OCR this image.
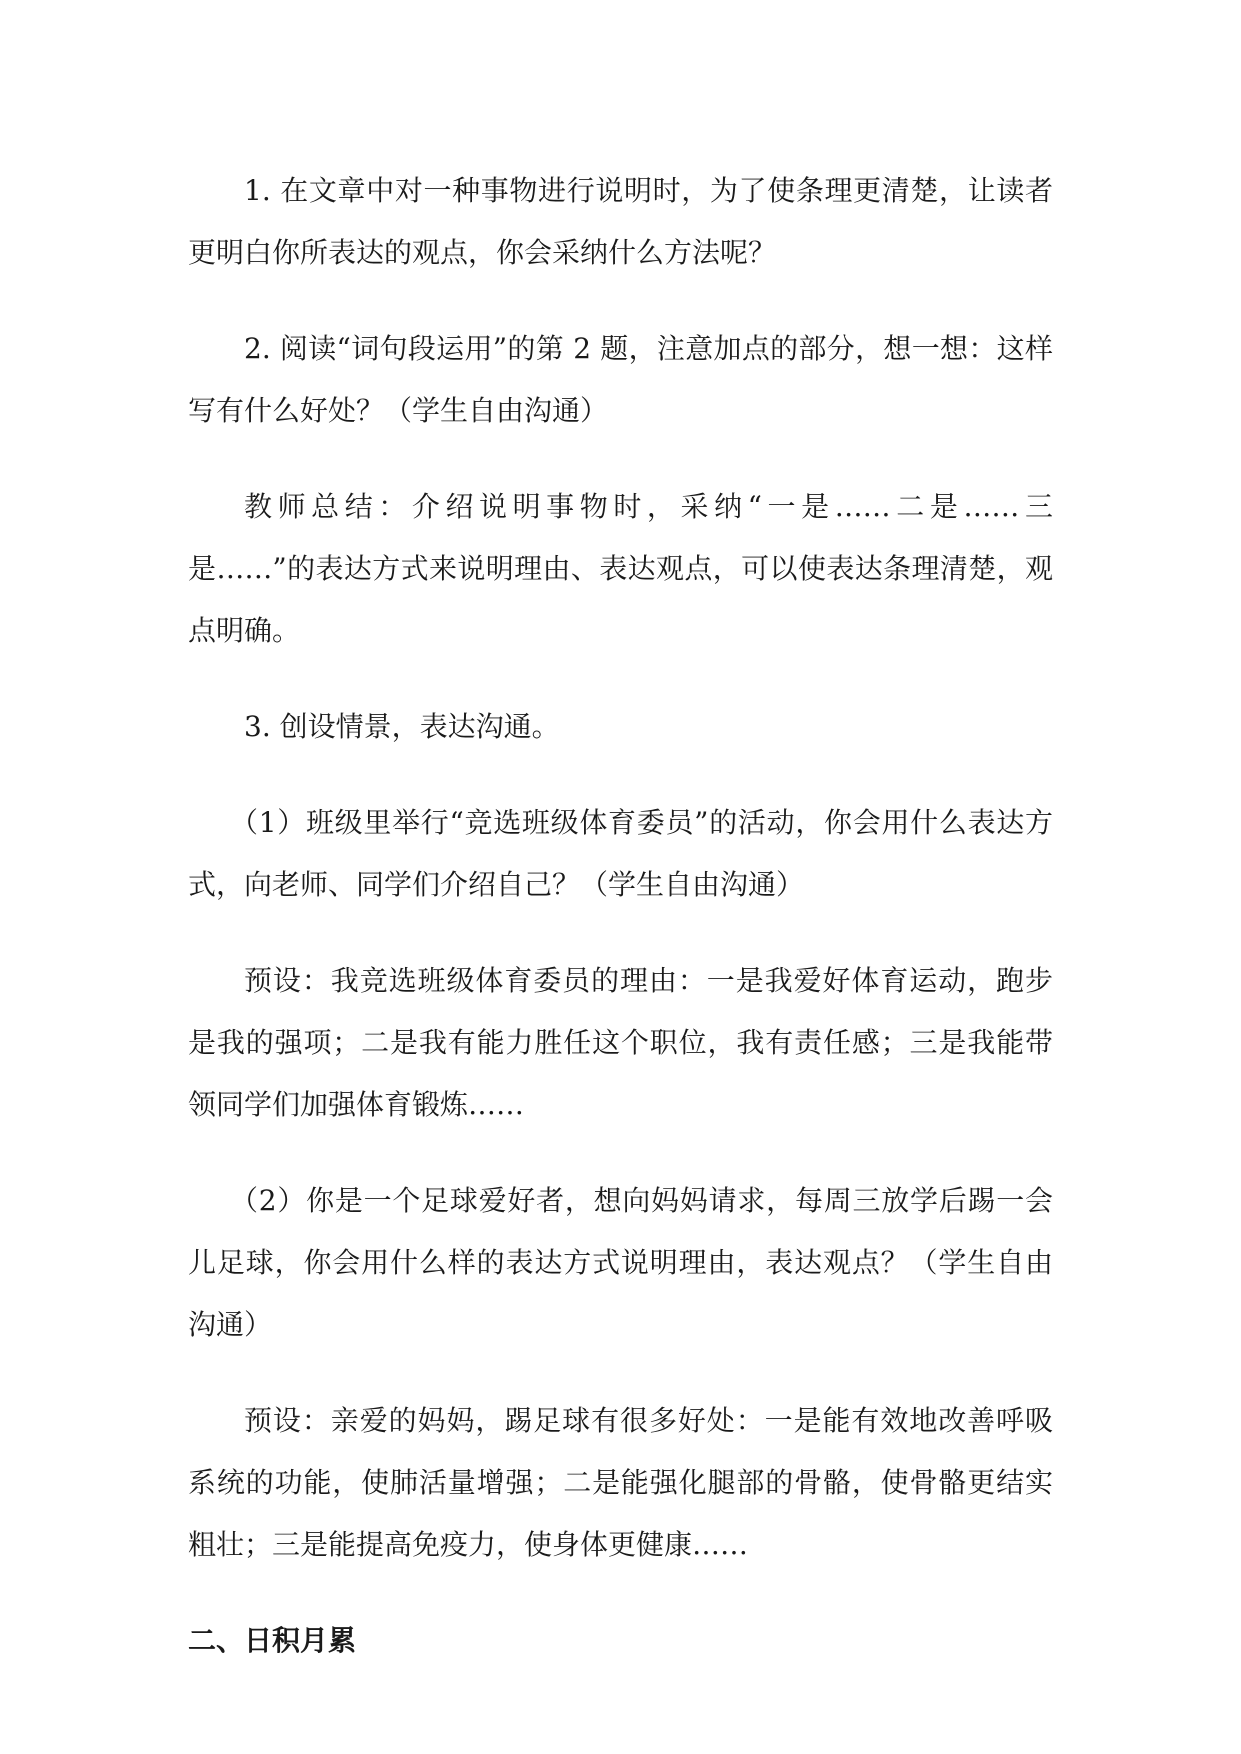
1. 在文章中对一种事物进行说明时，为了使条理更清楚，让读者更明白你所表达的观点，你会采纳什么方法呢？

2. 阅读“词句段运用”的第 2 题，注意加点的部分，想一想：这样写有什么好处？（学生自由沟通）

教师总结：介绍说明事物时，采纳“一是……二是……三是……”的表达方式来说明理由、表达观点，可以使表达条理清楚，观点明确。

3. 创设情景，表达沟通。

（1）班级里举行“竞选班级体育委员”的活动，你会用什么表达方式，向老师、同学们介绍自己？（学生自由沟通）

预设：我竞选班级体育委员的理由：一是我爱好体育运动，跑步是我的强项；二是我有能力胜任这个职位，我有责任感；三是我能带领同学们加强体育锻炼……

（2）你是一个足球爱好者，想向妈妈请求，每周三放学后踢一会儿足球，你会用什么样的表达方式说明理由，表达观点？（学生自由沟通）

预设：亲爱的妈妈，踢足球有很多好处：一是能有效地改善呼吸系统的功能，使肺活量增强；二是能强化腿部的骨骼，使骨骼更结实粗壮；三是能提高免疫力，使身体更健康……

二、日积月累
